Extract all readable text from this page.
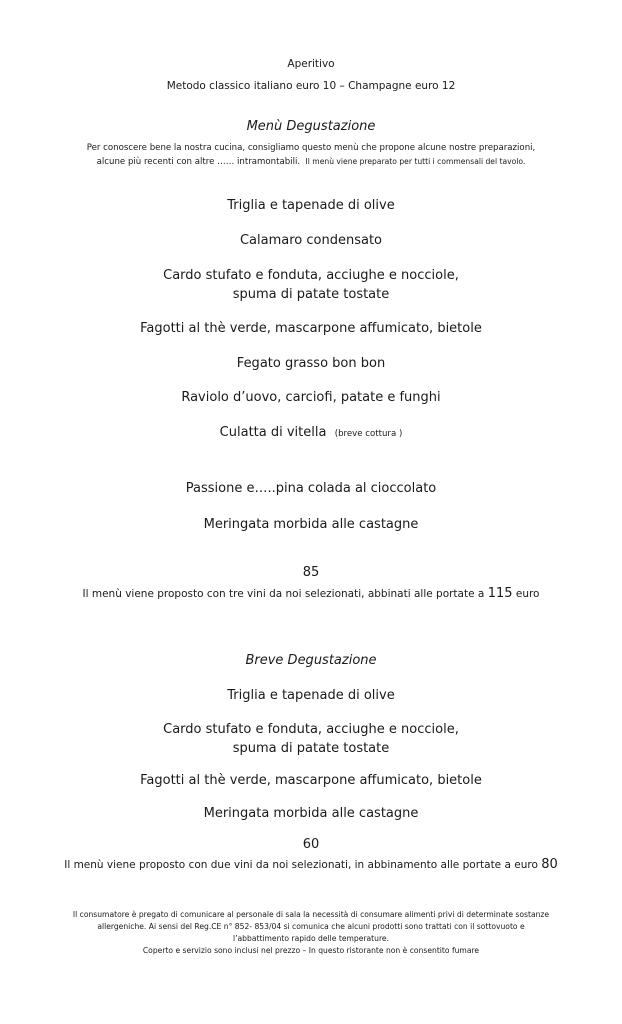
Aperitivo
Metodo classico italiano euro 10 – Champagne euro 12
Menù Degustazione
Per conoscere bene la nostra cucina, consigliamo questo menù che propone alcune nostre preparazioni,
alcune più recenti con altre …… intramontabili. Il menù viene preparato per tutti i commensali del tavolo.
Triglia e tapenade di olive
Calamaro condensato
Cardo stufato e fonduta, acciughe e nocciole,
spuma di patate tostate
Fagotti al thè verde, mascarpone affumicato, bietole
Fegato grasso bon bon
Raviolo d’uovo, carciofi, patate e funghi
Culatta di vitella (breve cottura )
Passione e…..pina colada al cioccolato
Meringata morbida alle castagne
85
Il menù viene proposto con tre vini da noi selezionati, abbinati alle portate a 115 euro
Breve Degustazione
Triglia e tapenade di olive
Cardo stufato e fonduta, acciughe e nocciole,
spuma di patate tostate
Fagotti al thè verde, mascarpone affumicato, bietole
Meringata morbida alle castagne
60
Il menù viene proposto con due vini da noi selezionati, in abbinamento alle portate a euro 80
Il consumatore è pregato di comunicare al personale di sala la necessità di consumare alimenti privi di determinate sostanze
allergeniche. Ai sensi del Reg.CE n° 852- 853/04 si comunica che alcuni prodotti sono trattati con il sottovuoto e
l’abbattimento rapido delle temperature.
Coperto e servizio sono inclusi nel prezzo – In questo ristorante non è consentito fumare
